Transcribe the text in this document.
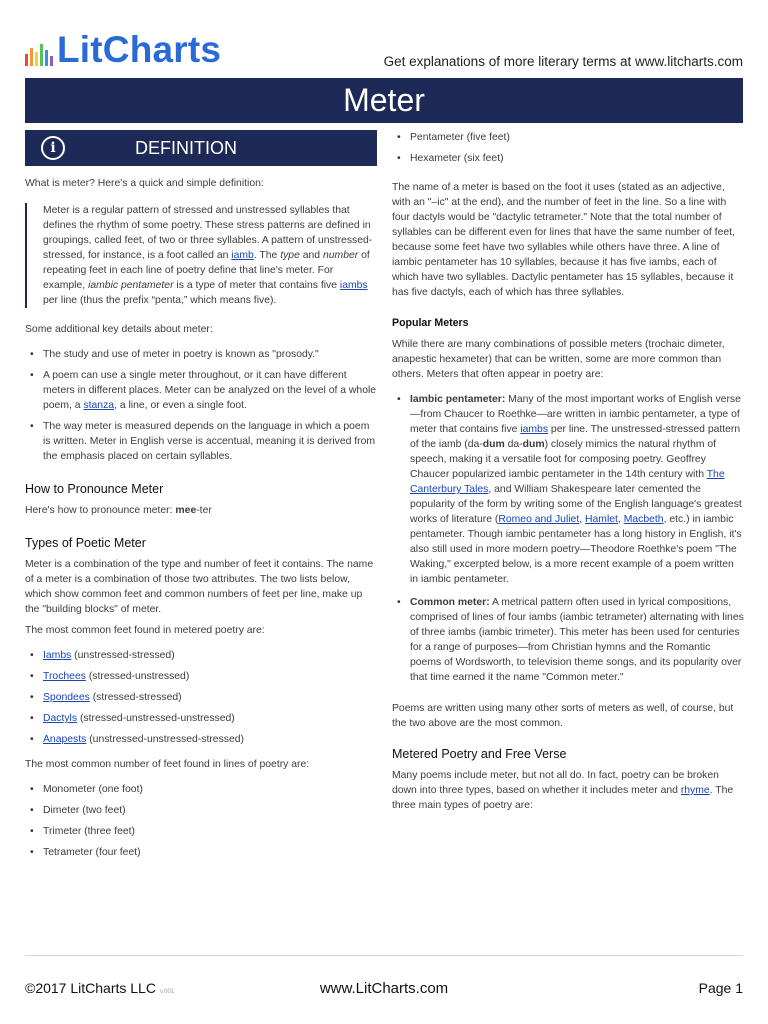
LitCharts	Get explanations of more literary terms at www.litcharts.com
Meter
i	DEFINITION

What is meter? Here's a quick and simple definition:

Meter is a regular pattern of stressed and unstressed syllables that defines the rhythm of some poetry. These stress patterns are defined in groupings, called feet, of two or three syllables. A pattern of unstressed-stressed, for instance, is a foot called an iamb. The type and number of repeating feet in each line of poetry define that line's meter. For example, iambic pentameter is a type of meter that contains five iambs per line (thus the prefix “penta,” which means five).

Some additional key details about meter:

• The study and use of meter in poetry is known as "prosody."
• A poem can use a single meter throughout, or it can have different meters in different places. Meter can be analyzed on the level of a whole poem, a stanza, a line, or even a single foot.
• The way meter is measured depends on the language in which a poem is written. Meter in English verse is accentual, meaning it is derived from the emphasis placed on certain syllables.
How to Pronounce Meter

Here's how to pronounce meter: mee-ter

Types of Poetic Meter

Meter is a combination of the type and number of feet it contains. The name of a meter is a combination of those two attributes. The two lists below, which show common feet and common numbers of feet per line, make up the "building blocks" of meter.

The most common feet found in metered poetry are:

• Iambs (unstressed-stressed)
• Trochees (stressed-unstressed)
• Spondees (stressed-stressed)
• Dactyls (stressed-unstressed-unstressed)
• Anapests (unstressed-unstressed-stressed)

The most common number of feet found in lines of poetry are:

• Monometer (one foot)
• Dimeter (two feet)
• Trimeter (three feet)
• Tetrameter (four feet)
• Pentameter (five feet)
• Hexameter (six feet)

The name of a meter is based on the foot it uses (stated as an adjective, with an "–ic" at the end), and the number of feet in the line. So a line with four dactyls would be "dactylic tetrameter." Note that the total number of syllables can be different even for lines that have the same number of feet, because some feet have two syllables while others have three. A line of iambic pentameter has 10 syllables, because it has five iambs, each of which have two syllables. Dactylic pentameter has 15 syllables, because it has five dactyls, each of which has three syllables.

Popular Meters

While there are many combinations of possible meters (trochaic dimeter, anapestic hexameter) that can be written, some are more common than others. Meters that often appear in poetry are:

• Iambic pentameter: Many of the most important works of English verse—from Chaucer to Roethke—are written in iambic pentameter, a type of meter that contains five iambs per line. The unstressed-stressed pattern of the iamb (da-dum da-dum) closely mimics the natural rhythm of speech, making it a versatile foot for composing poetry. Geoffrey Chaucer popularized iambic pentameter in the 14th century with The Canterbury Tales, and William Shakespeare later cemented the popularity of the form by writing some of the English language's greatest works of literature (Romeo and Juliet, Hamlet, Macbeth, etc.) in iambic pentameter. Though iambic pentameter has a long history in English, it's also still used in more modern poetry—Theodore Roethke's poem "The Waking," excerpted below, is a more recent example of a poem written in iambic pentameter.
• Common meter: A metrical pattern often used in lyrical compositions, comprised of lines of four iambs (iambic tetrameter) alternating with lines of three iambs (iambic trimeter). This meter has been used for centuries for a range of purposes—from Christian hymns and the Romantic poems of Wordsworth, to television theme songs, and its popularity over that time earned it the name "Common meter."

Poems are written using many other sorts of meters as well, of course, but the two above are the most common.

Metered Poetry and Free Verse

Many poems include meter, but not all do. In fact, poetry can be broken down into three types, based on whether it includes meter and rhyme. The three main types of poetry are:

©2017 LitCharts LLC v.001	www.LitCharts.com	Page 1
